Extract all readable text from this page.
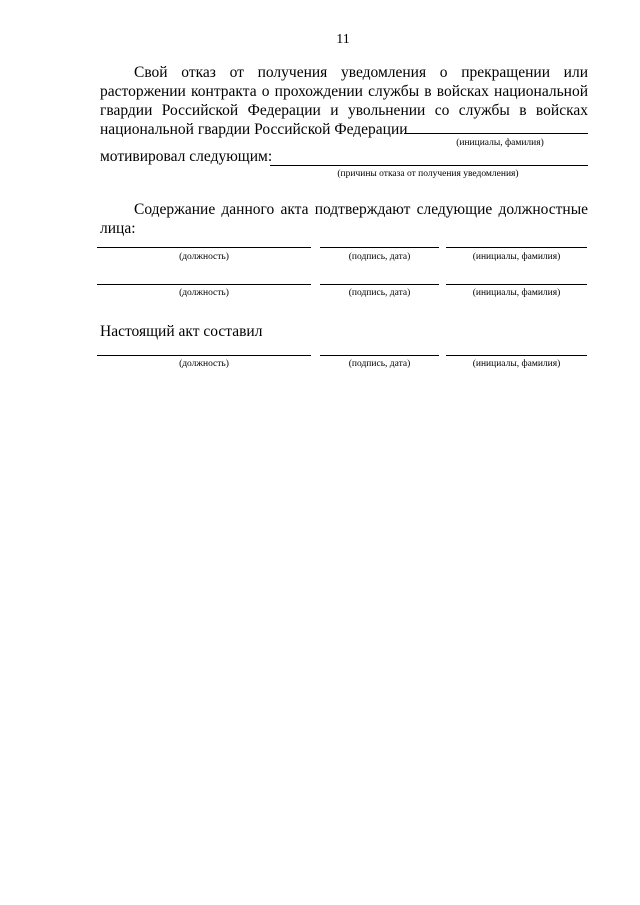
11
Свой отказ от получения уведомления о прекращении или
расторжении контракта о прохождении службы в войсках национальной
гвардии Российской Федерации и увольнении со службы в войсках
национальной гвардии Российской Федерации
(инициалы, фамилия)
мотивировал следующим:
(причины отказа от получения уведомления)
Содержание данного акта подтверждают следующие должностные
лица:
(должность)	(подпись, дата)	(инициалы, фамилия)
(должность)	(подпись, дата)	(инициалы, фамилия)
Настоящий акт составил
(должность)	(подпись, дата)	(инициалы, фамилия)
